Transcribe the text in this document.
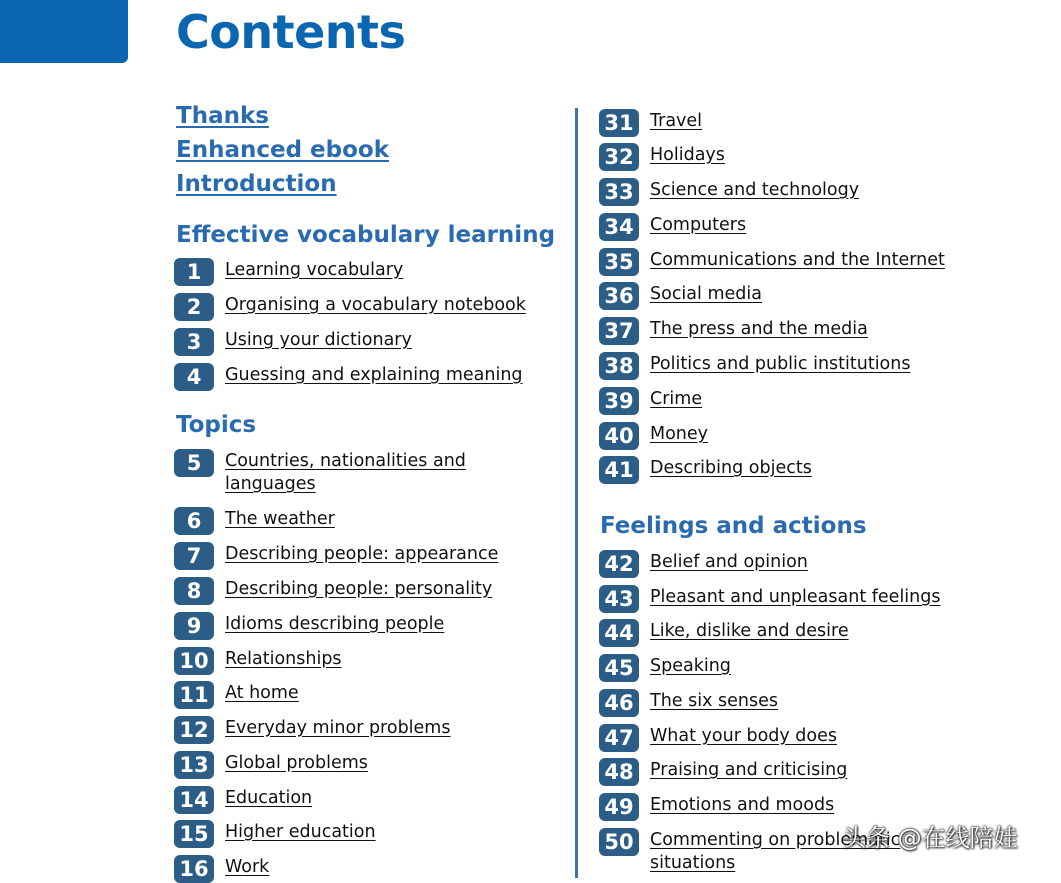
Contents
Thanks
Enhanced ebook
Introduction
Effective vocabulary learning
1	Learning vocabulary
2	Organising a vocabulary notebook
3	Using your dictionary
4	Guessing and explaining meaning
Topics
5	Countries, nationalities and languages
6	The weather
7	Describing people: appearance
8	Describing people: personality
9	Idioms describing people
10 Relationships
11 At home
12 Everyday minor problems
13 Global problems
14 Education
15 Higher education
16 Work
31 Travel
32 Holidays
33 Science and technology
34 Computers
35 Communications and the Internet
36 Social media
37 The press and the media
38 Politics and public institutions
39 Crime
40 Money
41 Describing objects
Feelings and actions
42 Belief and opinion
43 Pleasant and unpleasant feelings
44 Like, dislike and desire
45 Speaking
46 The six senses
47 What your body does
48 Praising and criticising
49 Emotions and moods
50 Commenting on problematic situations
头条 @在线陪娃
